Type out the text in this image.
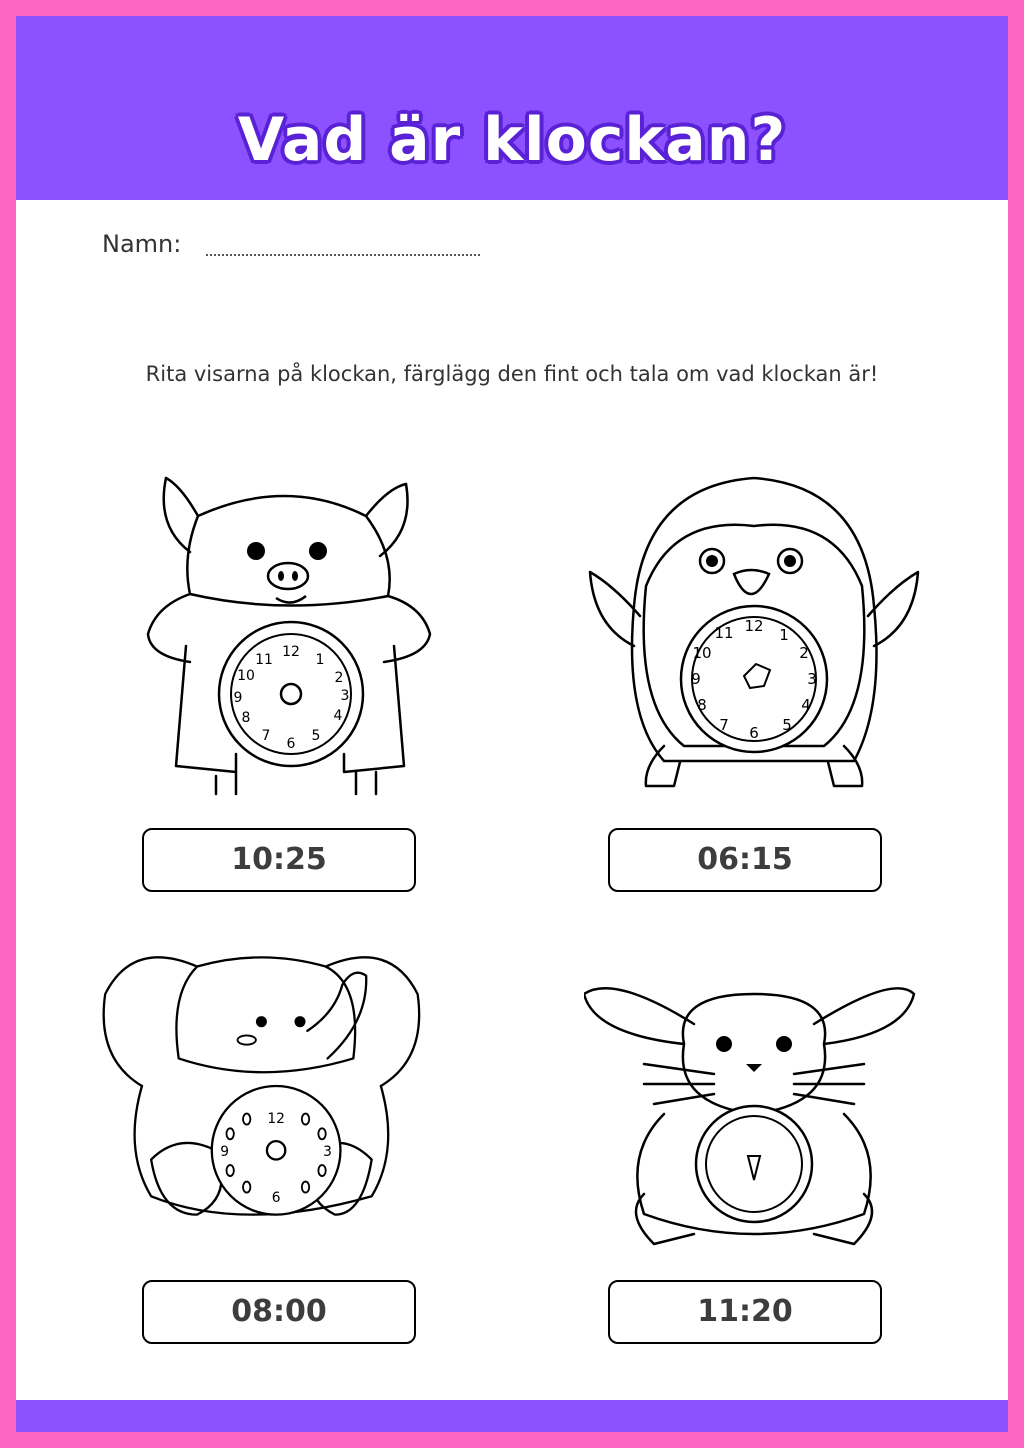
Vad är klockan?
Namn:
Rita visarna på klockan, färglägg den fint och tala om vad klockan är!
12 1
2
3
4
5
6
7
8
9
10
11
12 1
2
3
4
5
6
7
8
9
10
11
12
3
6
9
10:25	06:15
08:00	11:20
